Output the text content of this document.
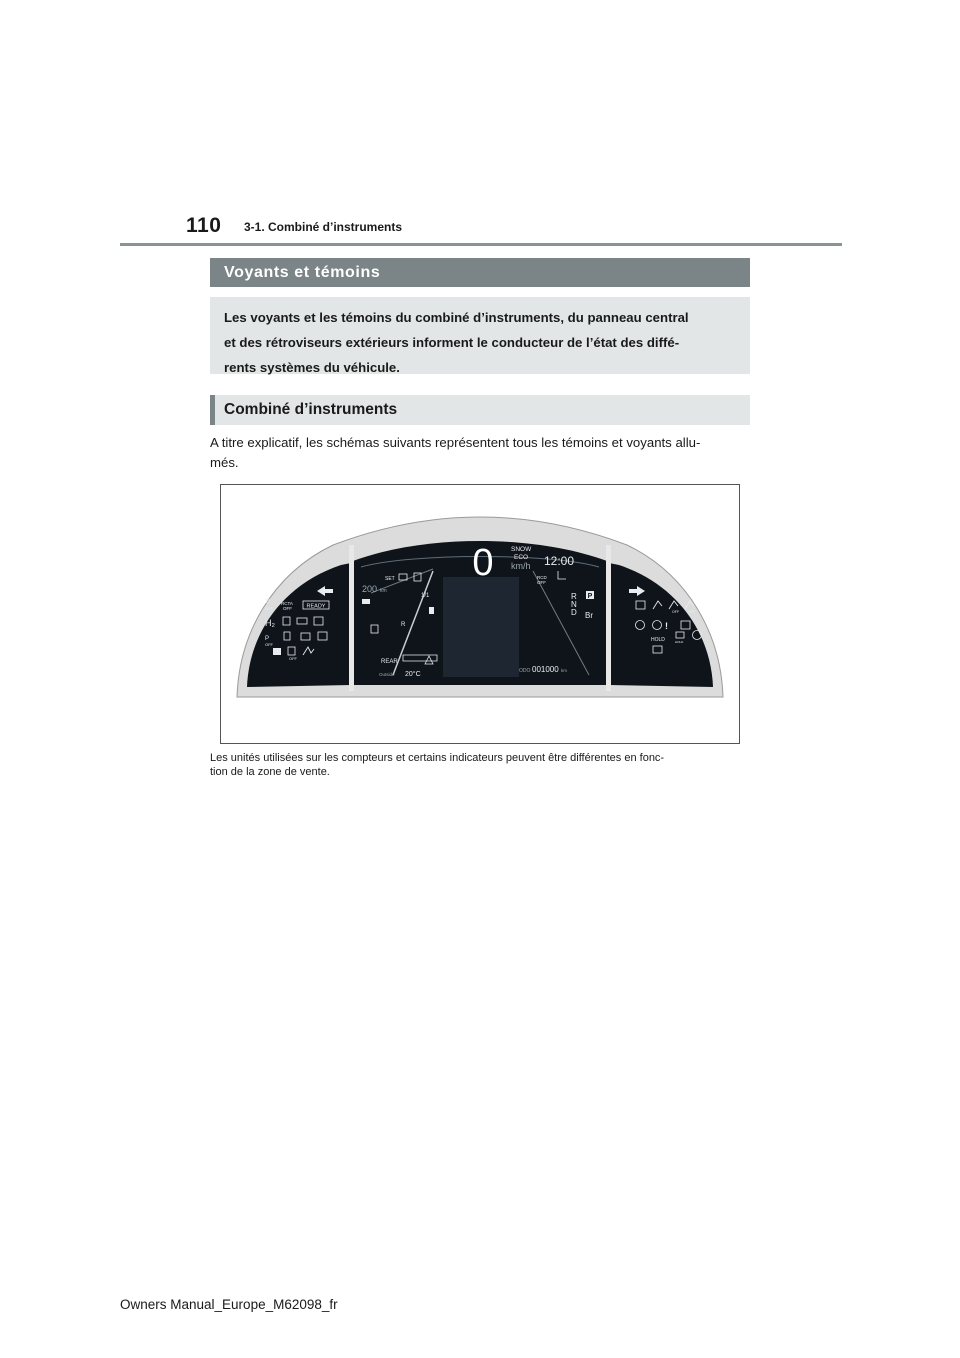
110 3-1. Combiné d’instruments
Voyants et témoins
Les voyants et les témoins du combiné d’instruments, du panneau central
et des rétroviseurs extérieurs informent le conducteur de l’état des diffé-
rents systèmes du véhicule.
Combiné d’instruments
A titre explicatif, les schémas suivants représentent tous les témoins et voyants allu-
més.
0	SNOW
ECO
km/h 12:00
200 km
SET
1/1
R
REAR
Outside 20°C	ODO 001000 km
RCD
OFF
R
N
D
P
Br
B
OFF
RCTA
OFF	READY
H₂
P
OFF
OFF
OFF	OFF
!
HOLD	HOLD
Les unités utilisées sur les compteurs et certains indicateurs peuvent être différentes en fonc-
tion de la zone de vente.
Owners Manual_Europe_M62098_fr
